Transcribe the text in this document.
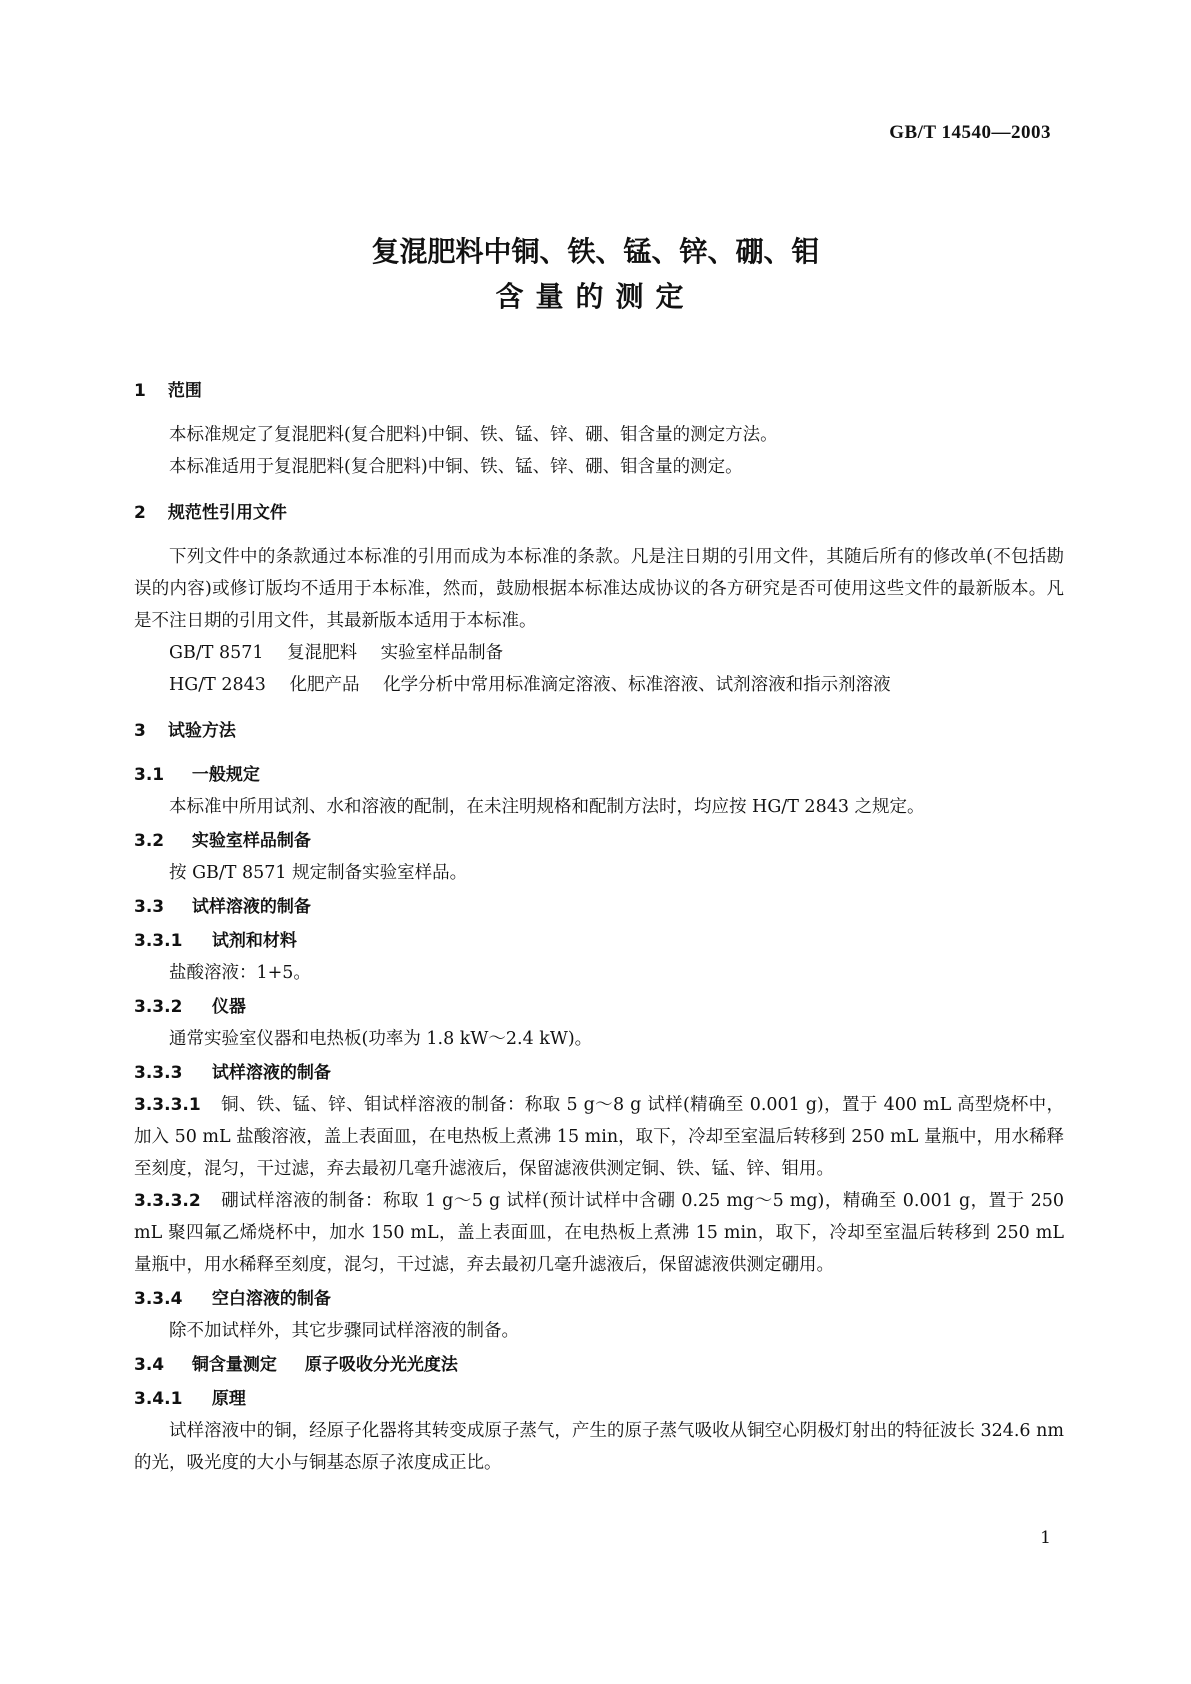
GB/T 14540—2003
复混肥料中铜、铁、锰、锌、硼、钼
含量的测定
1 范围
本标准规定了复混肥料(复合肥料)中铜、铁、锰、锌、硼、钼含量的测定方法。
本标准适用于复混肥料(复合肥料)中铜、铁、锰、锌、硼、钼含量的测定。
2 规范性引用文件
下列文件中的条款通过本标准的引用而成为本标准的条款。凡是注日期的引用文件，其随后所有的修改单(不包括勘误的内容)或修订版均不适用于本标准，然而，鼓励根据本标准达成协议的各方研究是否可使用这些文件的最新版本。凡是不注日期的引用文件，其最新版本适用于本标准。
GB/T 8571 复混肥料 实验室样品制备
HG/T 2843 化肥产品 化学分析中常用标准滴定溶液、标准溶液、试剂溶液和指示剂溶液
3 试验方法
3.1 一般规定
本标准中所用试剂、水和溶液的配制，在未注明规格和配制方法时，均应按 HG/T 2843 之规定。
3.2 实验室样品制备
按 GB/T 8571 规定制备实验室样品。
3.3 试样溶液的制备
3.3.1 试剂和材料
盐酸溶液：1+5。
3.3.2 仪器
通常实验室仪器和电热板(功率为 1.8 kW～2.4 kW)。
3.3.3 试样溶液的制备
3.3.3.1 铜、铁、锰、锌、钼试样溶液的制备：称取 5 g～8 g 试样(精确至 0.001 g)，置于 400 mL 高型烧杯中，加入 50 mL 盐酸溶液，盖上表面皿，在电热板上煮沸 15 min，取下，冷却至室温后转移到 250 mL 量瓶中，用水稀释至刻度，混匀，干过滤，弃去最初几毫升滤液后，保留滤液供测定铜、铁、锰、锌、钼用。
3.3.3.2 硼试样溶液的制备：称取 1 g～5 g 试样(预计试样中含硼 0.25 mg～5 mg)，精确至 0.001 g，置于 250 mL 聚四氟乙烯烧杯中，加水 150 mL，盖上表面皿，在电热板上煮沸 15 min，取下，冷却至室温后转移到 250 mL 量瓶中，用水稀释至刻度，混匀，干过滤，弃去最初几毫升滤液后，保留滤液供测定硼用。
3.3.4 空白溶液的制备
除不加试样外，其它步骤同试样溶液的制备。
3.4 铜含量测定 原子吸收分光光度法
3.4.1 原理
试样溶液中的铜，经原子化器将其转变成原子蒸气，产生的原子蒸气吸收从铜空心阴极灯射出的特征波长 324.6 nm 的光，吸光度的大小与铜基态原子浓度成正比。
1
